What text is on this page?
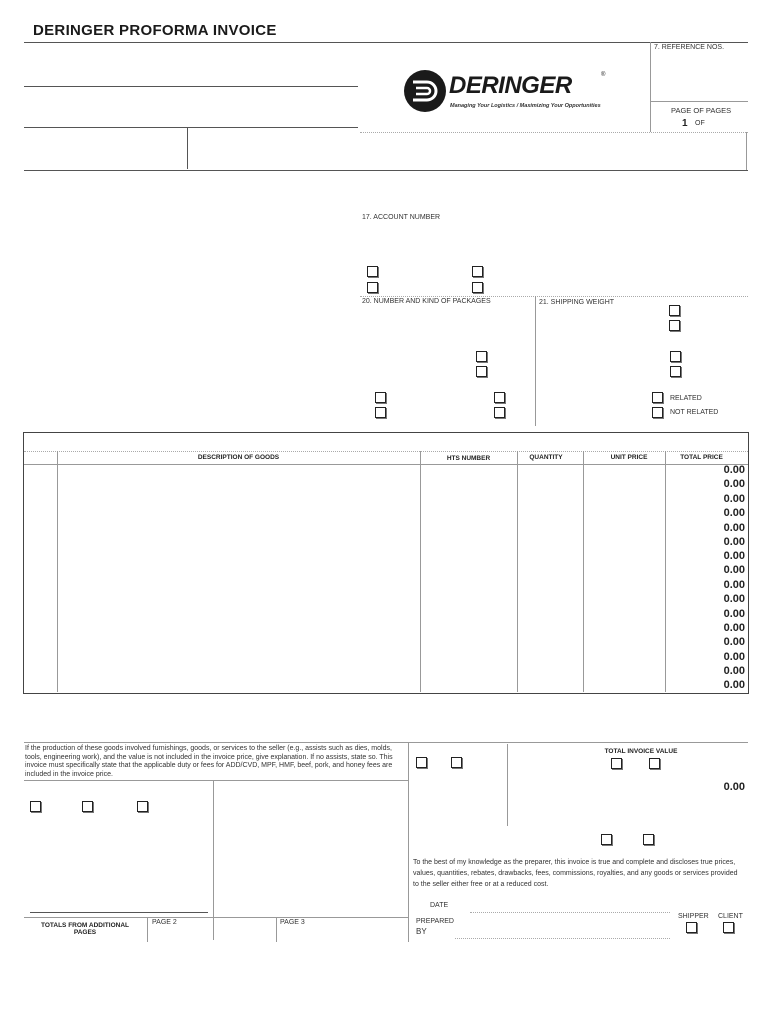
DERINGER PROFORMA INVOICE
7. REFERENCE NOS.
PAGE OF PAGES
1 OF
DERINGER	®
Managing Your Logistics / Maximizing Your Opportunities
17. ACCOUNT NUMBER
20. NUMBER AND KIND OF PACKAGES	21. SHIPPING WEIGHT
RELATED
NOT RELATED
DESCRIPTION OF GOODS	HTS NUMBER	QUANTITY	UNIT PRICE	TOTAL PRICE
0.00
0.00
0.00
0.00
0.00
0.00
0.00
0.00
0.00
0.00
0.00
0.00
0.00
0.00
0.00
0.00
If the production of these goods involved furnishings, goods, or services to the seller (e.g., assists such as dies, molds, tools, engineering work), and the value is not included in the invoice price, give explanation. If no assists, state so. This invoice must specifically state that the applicable duty or fees for ADD/CVD, MPF, HMF, beef, pork, and honey fees are included in the invoice price.
TOTAL INVOICE VALUE
0.00
To the best of my knowledge as the preparer, this invoice is true and complete and discloses true prices, values, quantities, rebates, drawbacks, fees, commissions, royalties, and any goods or services provided to the seller either free or at a reduced cost.
DATE
PREPARED
BY
SHIPPER CLIENT
TOTALS FROM ADDITIONAL PAGES
PAGE 2	PAGE 3
